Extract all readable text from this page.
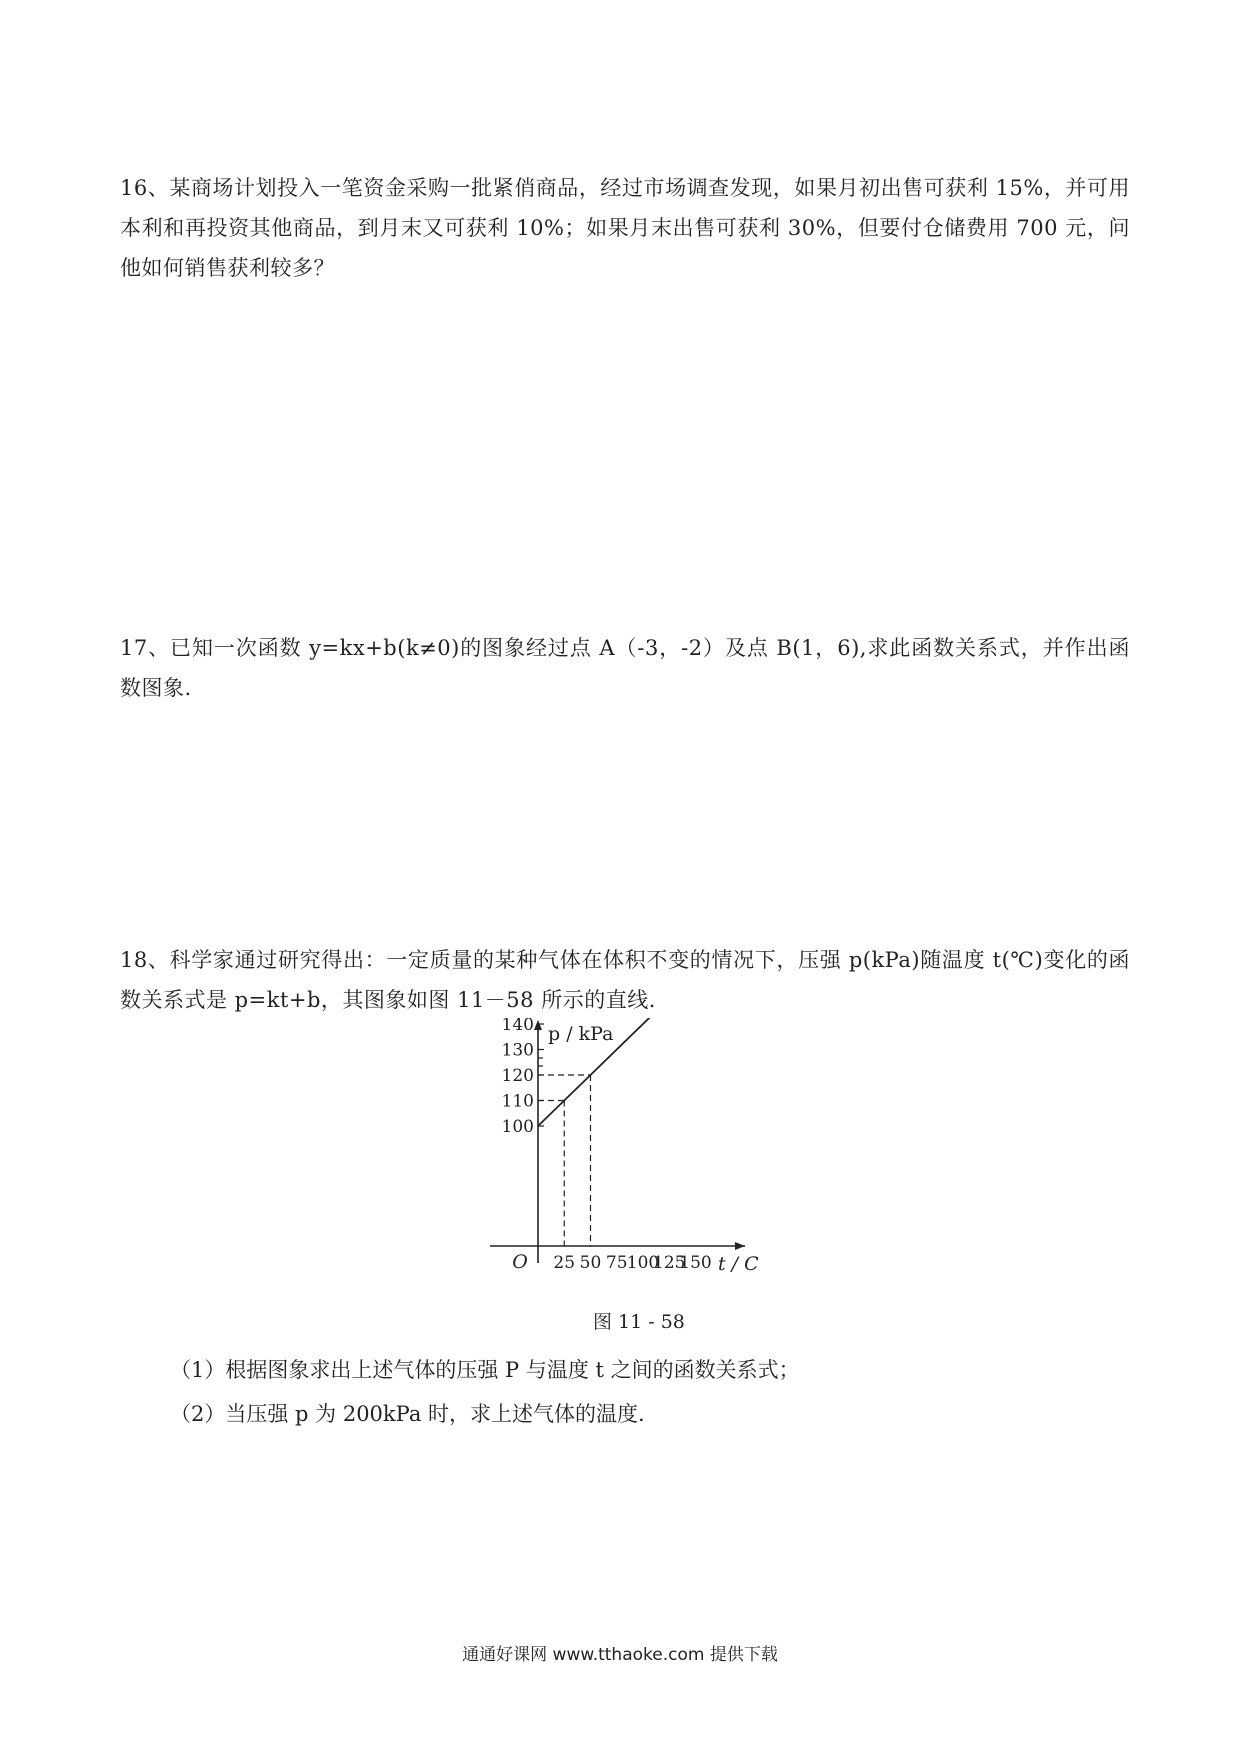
16、某商场计划投入一笔资金采购一批紧俏商品，经过市场调查发现，如果月初出售可获利 15%，并可用本利和再投资其他商品，到月末又可获利 10%；如果月末出售可获利 30%，但要付仓储费用 700 元，问他如何销售获利较多？
17、已知一次函数 y=kx+b(k≠0)的图象经过点 A（-3，-2）及点 B(1，6),求此函数关系式，并作出函数图象.
18、科学家通过研究得出：一定质量的某种气体在体积不变的情况下，压强 p(kPa)随温度 t(℃)变化的函数关系式是 p=kt+b，其图象如图 11－58 所示的直线.
100
110
120
130
140
25 50 75 100
125
150
O
p / kPa
t / C
图 11 - 58
（1）根据图象求出上述气体的压强 P 与温度 t 之间的函数关系式；
（2）当压强 p 为 200kPa 时，求上述气体的温度.
通通好课网 www.tthaoke.com 提供下载
